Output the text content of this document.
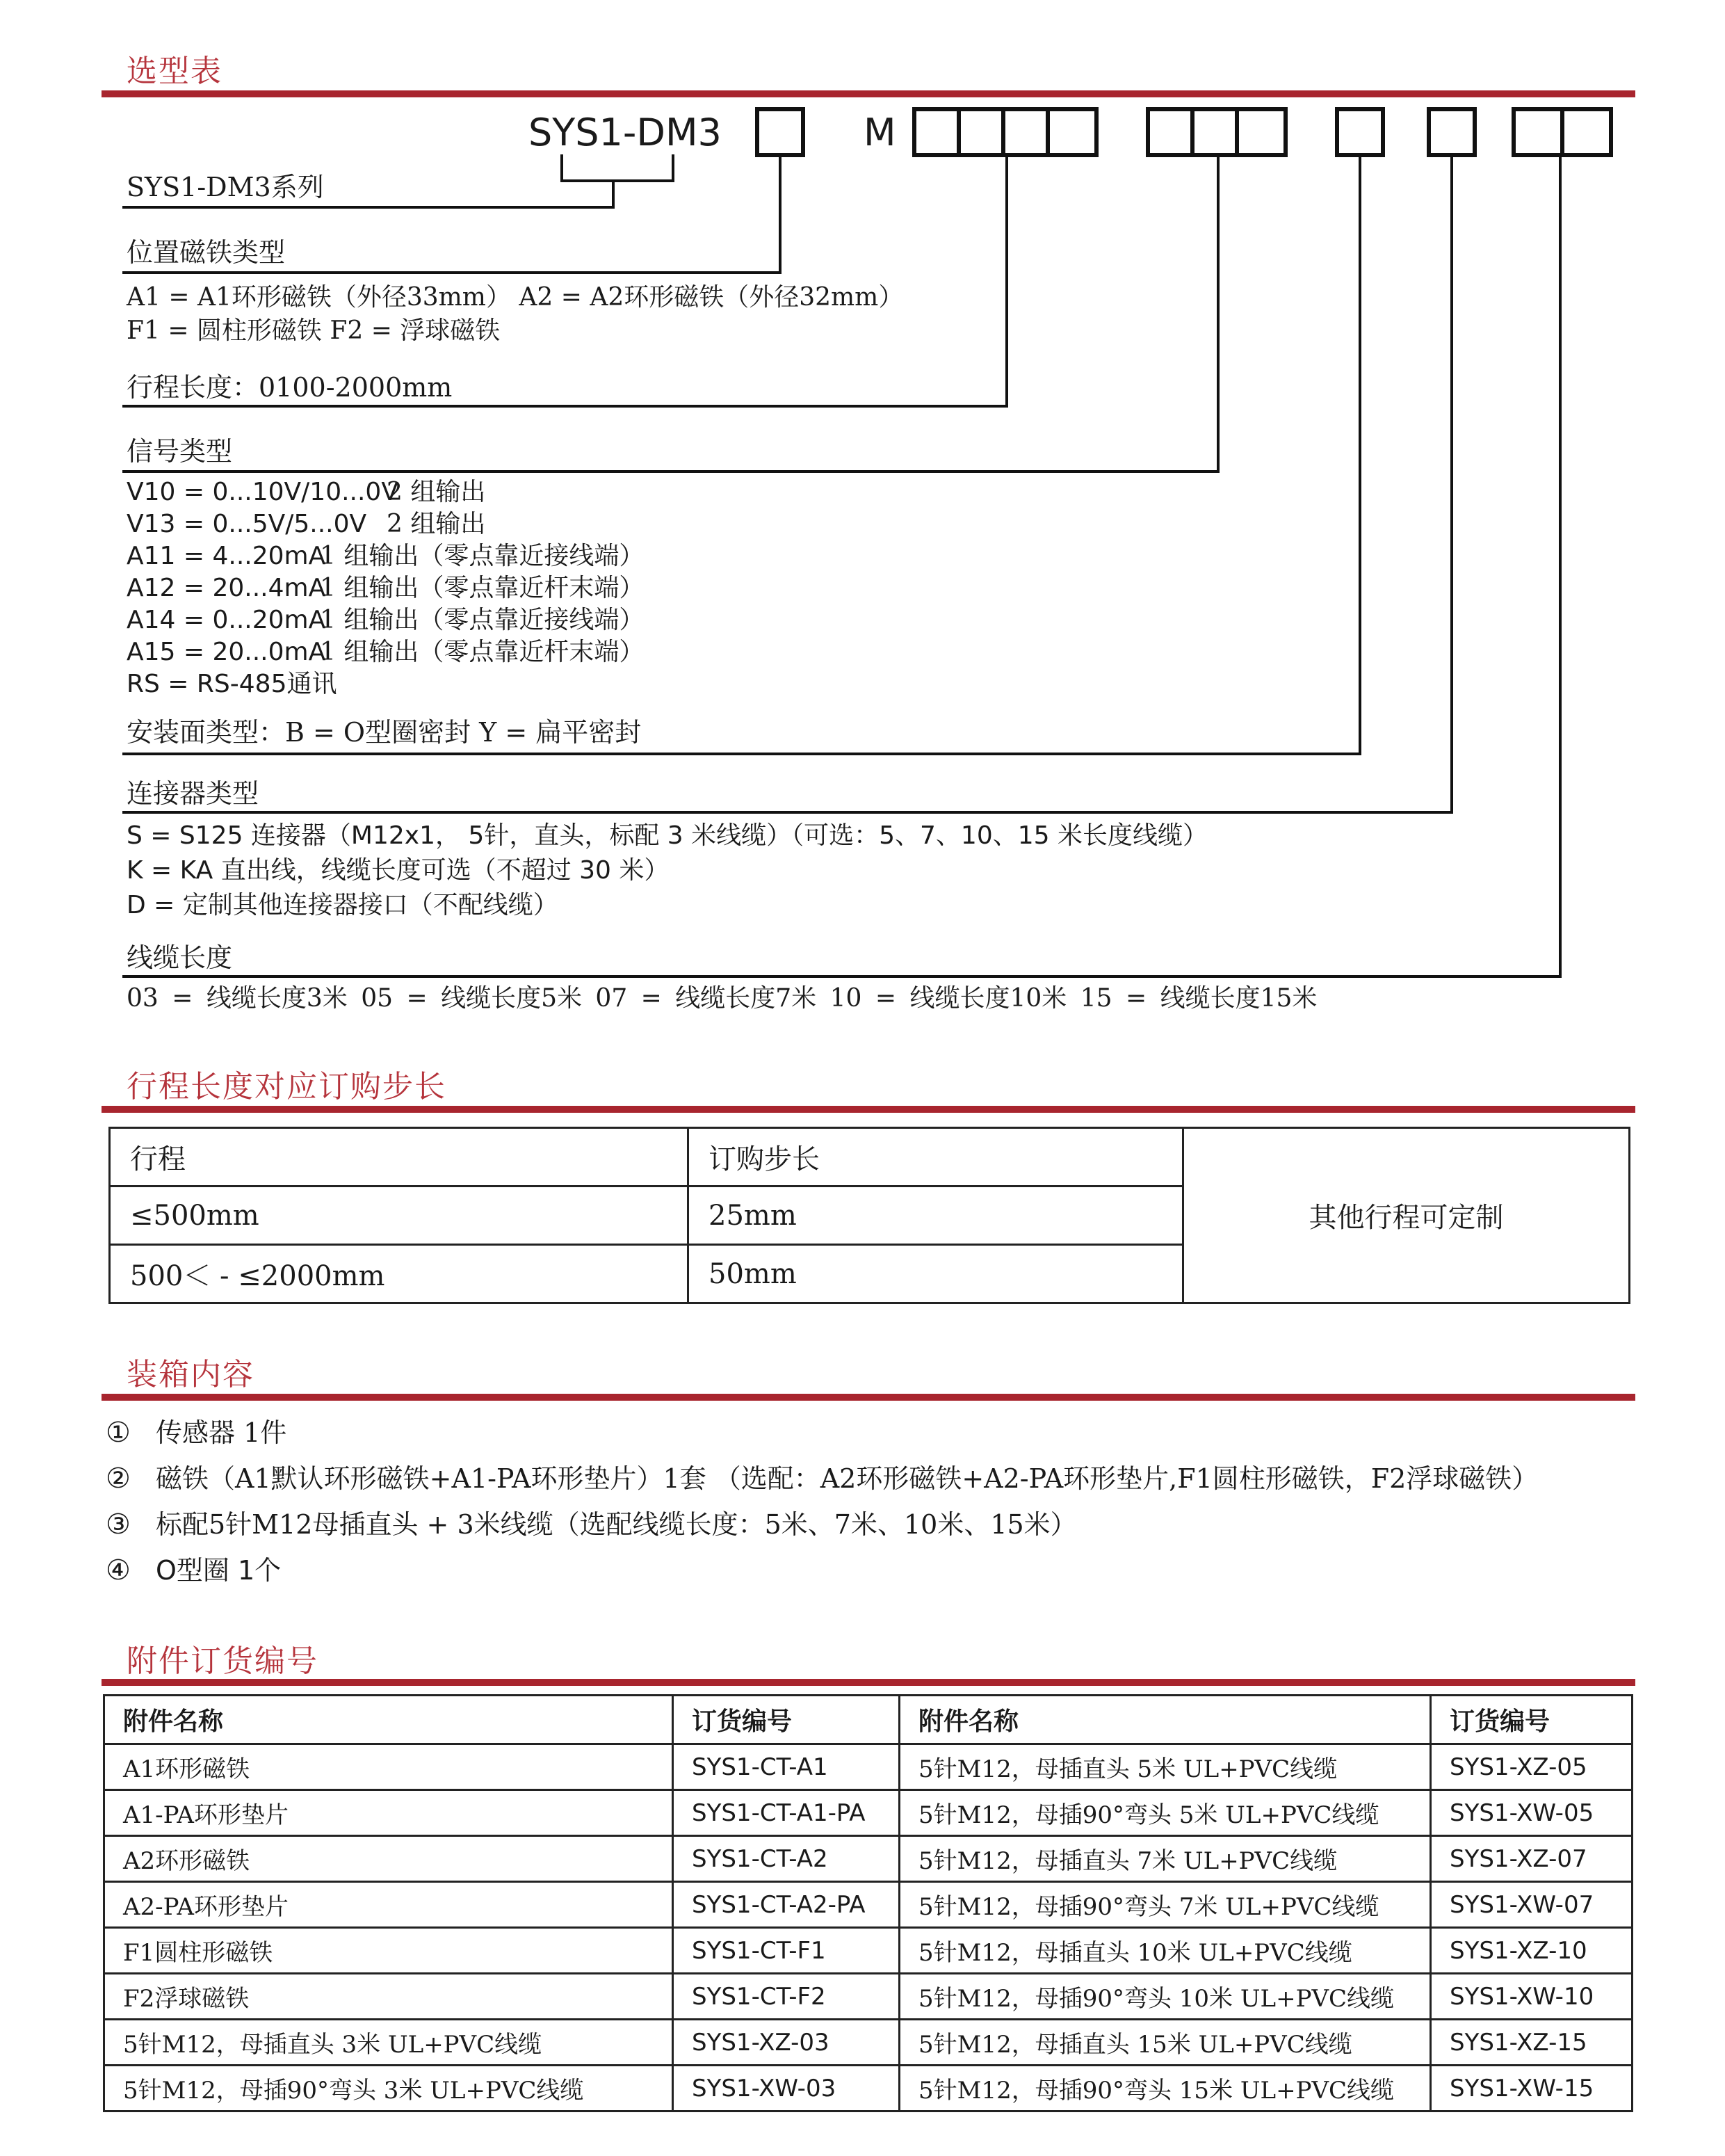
选型表
SYS1-DM3	M
SYS1-DM3系列
位置磁铁类型
A1 = A1环形磁铁（外径33mm） A2 = A2环形磁铁（外径32mm）
F1 = 圆柱形磁铁 F2 = 浮球磁铁
行程长度：0100-2000mm
信号类型
V10 = 0...10V/10...0V
2 组输出
V13 = 0...5V/5...0V 2 组输出
A11 = 4...20mA
1 组输出（零点靠近接线端）
A12 = 20...4mA
1 组输出（零点靠近杆末端）
A14 = 0...20mA
1 组输出（零点靠近接线端）
A15 = 20...0mA
1 组输出（零点靠近杆末端）
RS = RS-485通讯
安装面类型：B = O型圈密封 Y = 扁平密封
连接器类型
S = S125 连接器（M12x1， 5针，直头，标配 3 米线缆）（可选：5、7、10、15 米长度线缆）
K = KA 直出线，线缆长度可选（不超过 30 米）
D = 定制其他连接器接口（不配线缆）
线缆长度
03 = 线缆长度3米 05 = 线缆长度5米 07 = 线缆长度7米 10 = 线缆长度10米 15 = 线缆长度15米
行程长度对应订购步长
行程	订购步长	其他行程可定制
≤500mm	25mm	
500＜ - ≤2000mm	50mm	
装箱内容
① 传感器 1件
② 磁铁（A1默认环形磁铁+A1-PA环形垫片）1套 （选配：A2环形磁铁+A2-PA环形垫片,F1圆柱形磁铁，F2浮球磁铁）
③ 标配5针M12母插直头 + 3米线缆（选配线缆长度：5米、7米、10米、15米）
④ O型圈 1个
附件订货编号
附件名称	订货编号	附件名称	订货编号
A1环形磁铁	SYS1-CT-A1	5针M12，母插直头 5米 UL+PVC线缆	SYS1-XZ-05
A1-PA环形垫片	SYS1-CT-A1-PA	5针M12，母插90°弯头 5米 UL+PVC线缆	SYS1-XW-05
A2环形磁铁	SYS1-CT-A2	5针M12，母插直头 7米 UL+PVC线缆	SYS1-XZ-07
A2-PA环形垫片	SYS1-CT-A2-PA	5针M12，母插90°弯头 7米 UL+PVC线缆	SYS1-XW-07
F1圆柱形磁铁	SYS1-CT-F1	5针M12，母插直头 10米 UL+PVC线缆	SYS1-XZ-10
F2浮球磁铁	SYS1-CT-F2	5针M12，母插90°弯头 10米 UL+PVC线缆	SYS1-XW-10
5针M12，母插直头 3米 UL+PVC线缆	SYS1-XZ-03	5针M12，母插直头 15米 UL+PVC线缆	SYS1-XZ-15
5针M12，母插90°弯头 3米 UL+PVC线缆	SYS1-XW-03	5针M12，母插90°弯头 15米 UL+PVC线缆	SYS1-XW-15
